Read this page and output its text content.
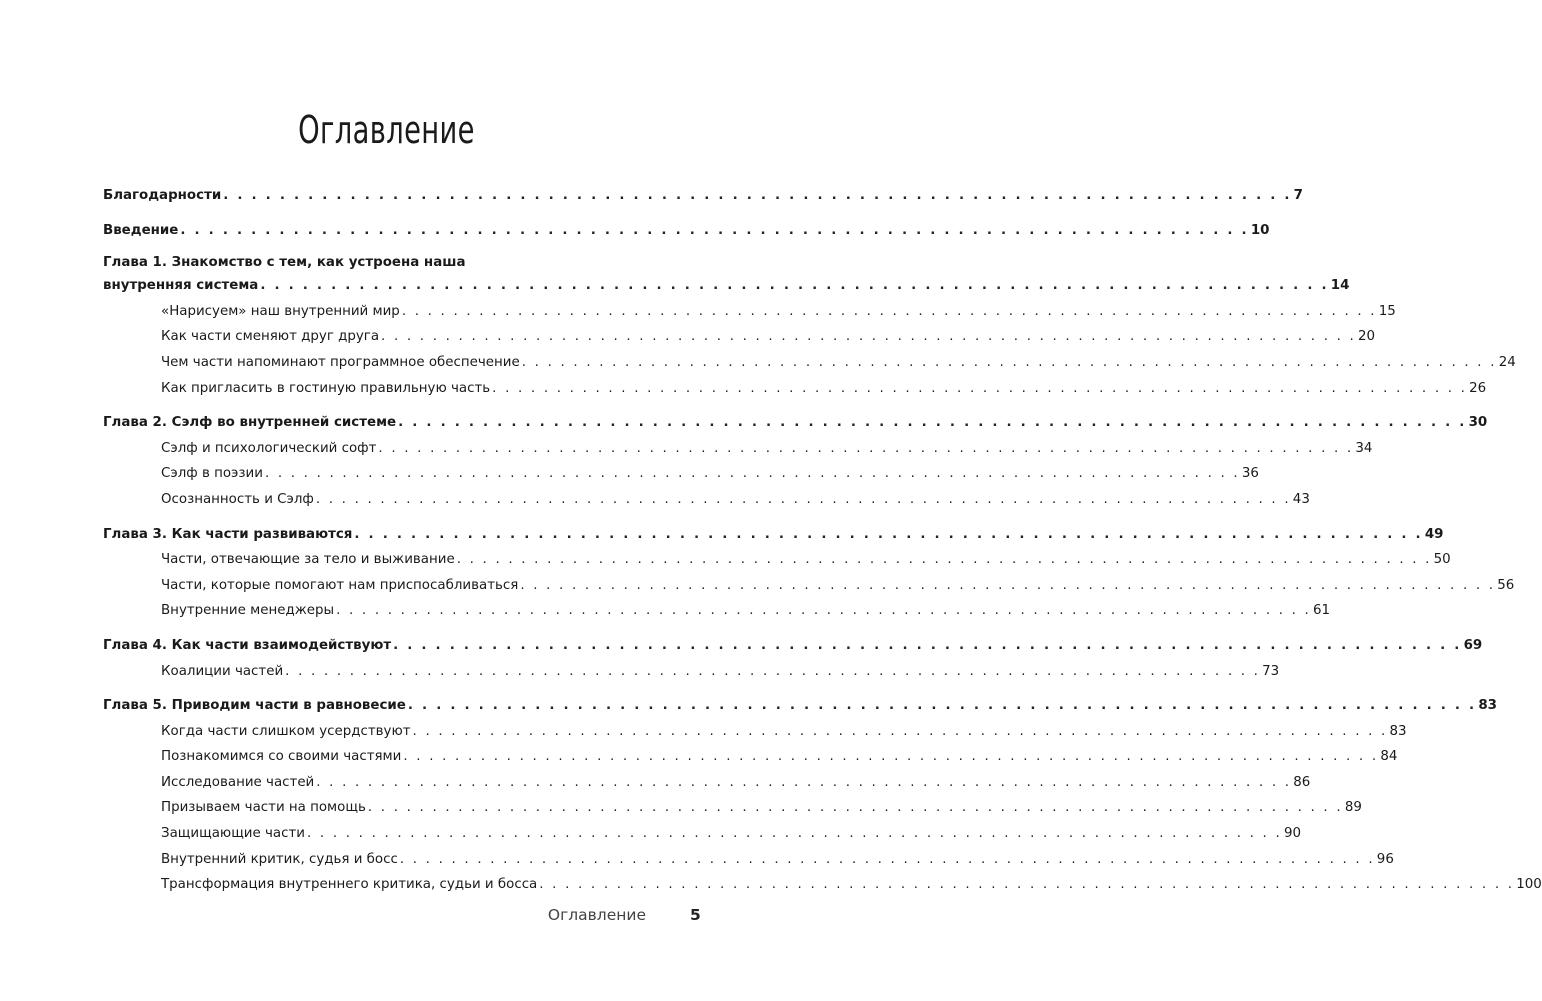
Оглавление
Благодарности . . . . . . . . . . . . . . . . . . . . . . . . . . . . . . . . . . . . . . . . . . . . . . . . . . . . . . . . . . . . . . . . . . . . . . . . . . . . 7
Введение . . . . . . . . . . . . . . . . . . . . . . . . . . . . . . . . . . . . . . . . . . . . . . . . . . . . . . . . . . . . . . . . . . . . . . . . . . . . 10
Глава 1. Знакомство с тем, как устроена наша
внутренняя система . . . . . . . . . . . . . . . . . . . . . . . . . . . . . . . . . . . . . . . . . . . . . . . . . . . . . . . . . . . . . . . . . . . . . . . . . . . . 14
«Нарисуем» наш внутренний мир . . . . . . . . . . . . . . . . . . . . . . . . . . . . . . . . . . . . . . . . . . . . . . . . . . . . . . . . . . . . . . . . . . . . . . . . . . . . 15
Как части сменяют друг друга . . . . . . . . . . . . . . . . . . . . . . . . . . . . . . . . . . . . . . . . . . . . . . . . . . . . . . . . . . . . . . . . . . . . . . . . . . . . 20
Чем части напоминают программное обеспечение . . . . . . . . . . . . . . . . . . . . . . . . . . . . . . . . . . . . . . . . . . . . . . . . . . . . . . . . . . . . . . . . . . . . . . . . . . . . 24
Как пригласить в гостиную правильную часть . . . . . . . . . . . . . . . . . . . . . . . . . . . . . . . . . . . . . . . . . . . . . . . . . . . . . . . . . . . . . . . . . . . . . . . . . . . . 26
Глава 2. Сэлф во внутренней системе . . . . . . . . . . . . . . . . . . . . . . . . . . . . . . . . . . . . . . . . . . . . . . . . . . . . . . . . . . . . . . . . . . . . . . . . . . . . 30
Сэлф и психологический софт . . . . . . . . . . . . . . . . . . . . . . . . . . . . . . . . . . . . . . . . . . . . . . . . . . . . . . . . . . . . . . . . . . . . . . . . . . . . 34
Сэлф в поэзии . . . . . . . . . . . . . . . . . . . . . . . . . . . . . . . . . . . . . . . . . . . . . . . . . . . . . . . . . . . . . . . . . . . . . . . . . . . . 36
Осознанность и Сэлф . . . . . . . . . . . . . . . . . . . . . . . . . . . . . . . . . . . . . . . . . . . . . . . . . . . . . . . . . . . . . . . . . . . . . . . . . . . . 43
Глава 3. Как части развиваются . . . . . . . . . . . . . . . . . . . . . . . . . . . . . . . . . . . . . . . . . . . . . . . . . . . . . . . . . . . . . . . . . . . . . . . . . . . . 49
Части, отвечающие за тело и выживание . . . . . . . . . . . . . . . . . . . . . . . . . . . . . . . . . . . . . . . . . . . . . . . . . . . . . . . . . . . . . . . . . . . . . . . . . . . . 50
Части, которые помогают нам приспосабливаться . . . . . . . . . . . . . . . . . . . . . . . . . . . . . . . . . . . . . . . . . . . . . . . . . . . . . . . . . . . . . . . . . . . . . . . . . . . . 56
Внутренние менеджеры . . . . . . . . . . . . . . . . . . . . . . . . . . . . . . . . . . . . . . . . . . . . . . . . . . . . . . . . . . . . . . . . . . . . . . . . . . . . 61
Глава 4. Как части взаимодействуют . . . . . . . . . . . . . . . . . . . . . . . . . . . . . . . . . . . . . . . . . . . . . . . . . . . . . . . . . . . . . . . . . . . . . . . . . . . . 69
Коалиции частей . . . . . . . . . . . . . . . . . . . . . . . . . . . . . . . . . . . . . . . . . . . . . . . . . . . . . . . . . . . . . . . . . . . . . . . . . . . . 73
Глава 5. Приводим части в равновесие . . . . . . . . . . . . . . . . . . . . . . . . . . . . . . . . . . . . . . . . . . . . . . . . . . . . . . . . . . . . . . . . . . . . . . . . . . . . 83
Когда части слишком усердствуют . . . . . . . . . . . . . . . . . . . . . . . . . . . . . . . . . . . . . . . . . . . . . . . . . . . . . . . . . . . . . . . . . . . . . . . . . . . . 83
Познакомимся со своими частями . . . . . . . . . . . . . . . . . . . . . . . . . . . . . . . . . . . . . . . . . . . . . . . . . . . . . . . . . . . . . . . . . . . . . . . . . . . . 84
Исследование частей . . . . . . . . . . . . . . . . . . . . . . . . . . . . . . . . . . . . . . . . . . . . . . . . . . . . . . . . . . . . . . . . . . . . . . . . . . . . 86
Призываем части на помощь . . . . . . . . . . . . . . . . . . . . . . . . . . . . . . . . . . . . . . . . . . . . . . . . . . . . . . . . . . . . . . . . . . . . . . . . . . . . 89
Защищающие части . . . . . . . . . . . . . . . . . . . . . . . . . . . . . . . . . . . . . . . . . . . . . . . . . . . . . . . . . . . . . . . . . . . . . . . . . . . . 90
Внутренний критик, судья и босс . . . . . . . . . . . . . . . . . . . . . . . . . . . . . . . . . . . . . . . . . . . . . . . . . . . . . . . . . . . . . . . . . . . . . . . . . . . . 96
Трансформация внутреннего критика, судьи и босса . . . . . . . . . . . . . . . . . . . . . . . . . . . . . . . . . . . . . . . . . . . . . . . . . . . . . . . . . . . . . . . . . . . . . . . . . . . . 100
Оглавление	5
